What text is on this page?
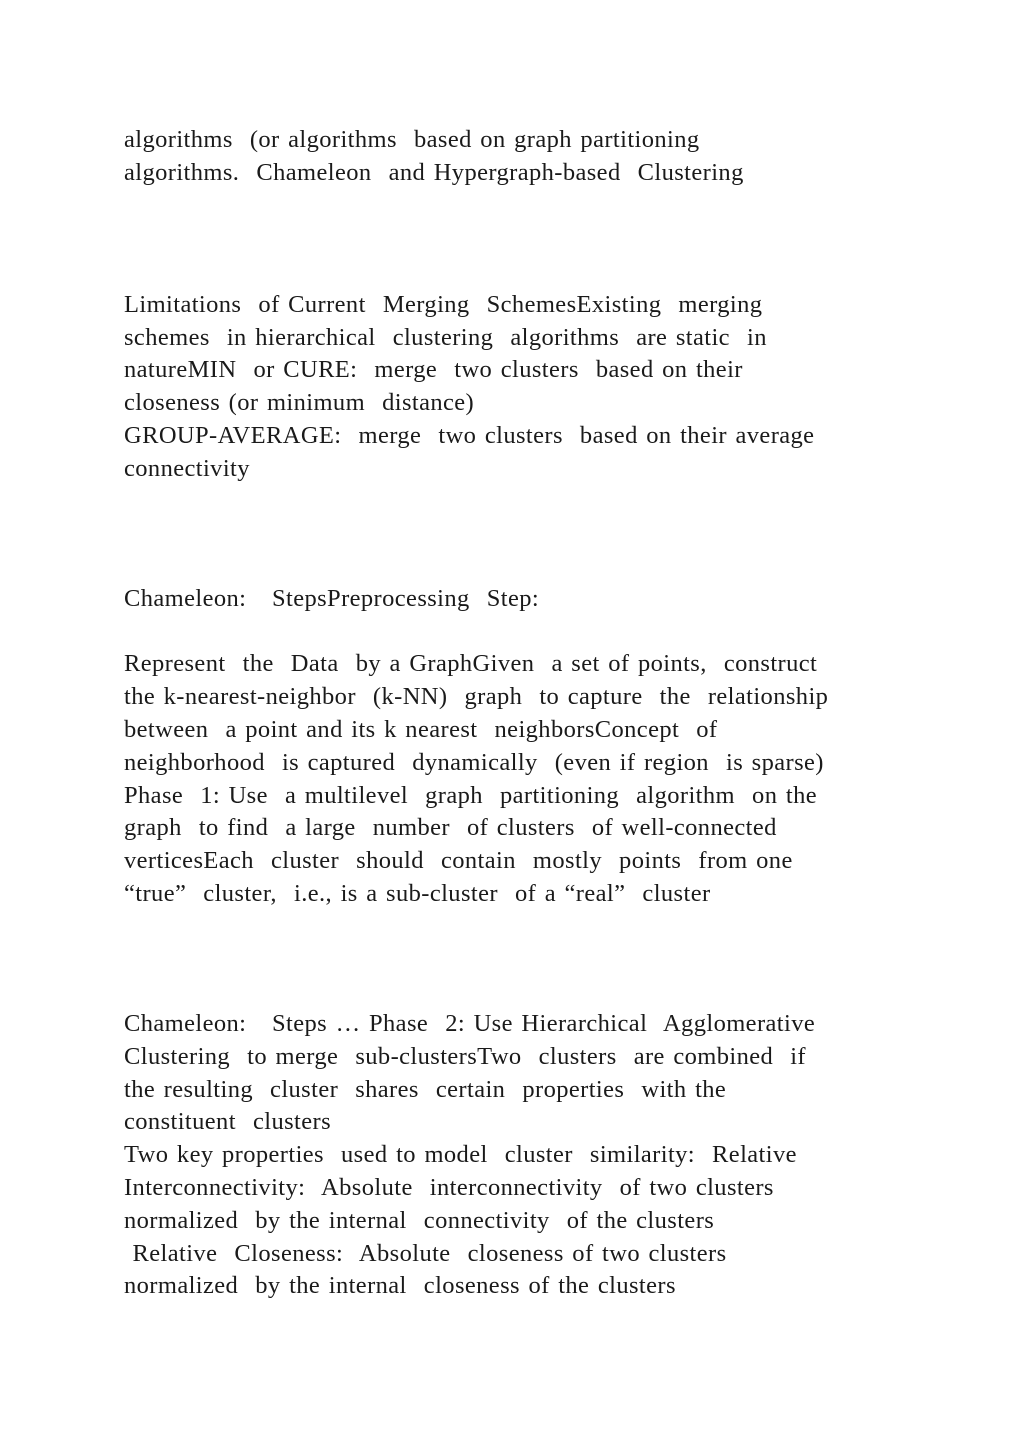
algorithms  (or algorithms  based on graph partitioning
algorithms.  Chameleon  and Hypergraph-based  Clustering
Limitations  of Current  Merging  SchemesExisting  merging
schemes  in hierarchical  clustering  algorithms  are static  in
natureMIN  or CURE:  merge  two clusters  based on their
closeness (or minimum  distance)
GROUP-AVERAGE:  merge  two clusters  based on their average
connectivity
Chameleon:   StepsPreprocessing  Step:
Represent  the  Data  by a GraphGiven  a set of points,  construct
the k-nearest-neighbor  (k-NN)  graph  to capture  the  relationship
between  a point and its k nearest  neighborsConcept  of
neighborhood  is captured  dynamically  (even if region  is sparse)
Phase  1: Use  a multilevel  graph  partitioning  algorithm  on the
graph  to find  a large  number  of clusters  of well-connected
verticesEach  cluster  should  contain  mostly  points  from one
“true”  cluster,  i.e., is a sub-cluster  of a “real”  cluster
Chameleon:   Steps … Phase  2: Use Hierarchical  Agglomerative
Clustering  to merge  sub-clustersTwo  clusters  are combined  if
the resulting  cluster  shares  certain  properties  with the
constituent  clusters
Two key properties  used to model  cluster  similarity:  Relative
Interconnectivity:  Absolute  interconnectivity  of two clusters
normalized  by the internal  connectivity  of the clusters
Relative  Closeness:  Absolute  closeness of two clusters
normalized  by the internal  closeness of the clusters
